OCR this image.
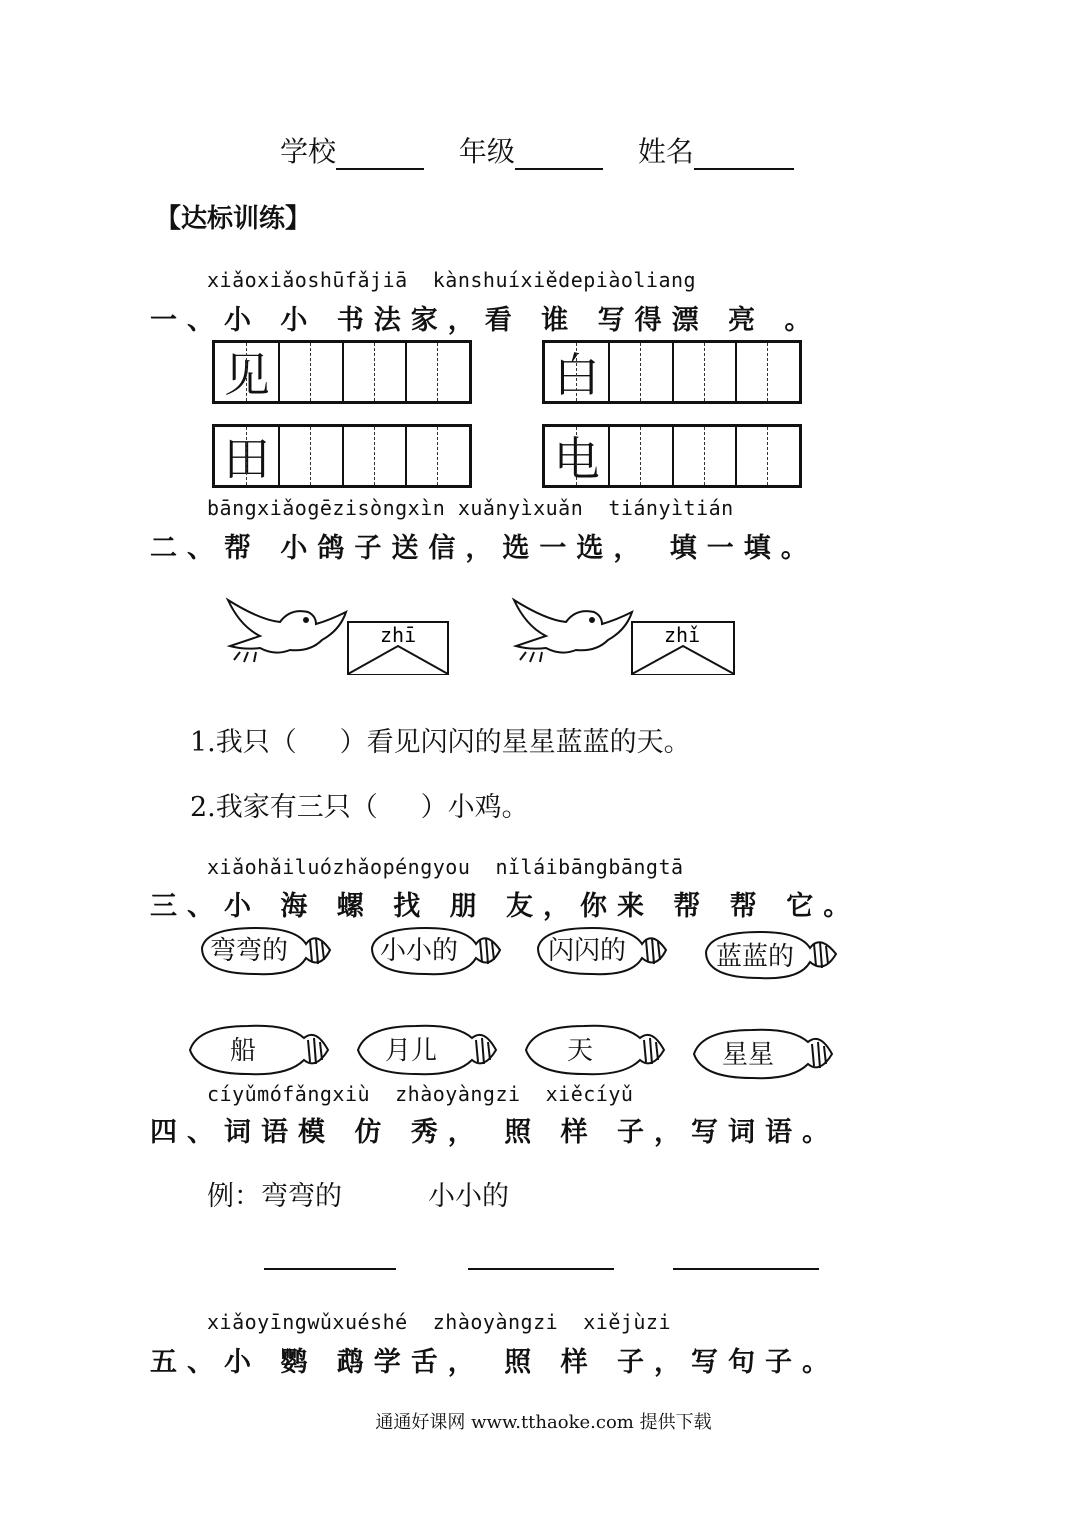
学校	年级	姓名
【达标训练】
xiǎoxiǎoshūfǎjiā  kànshuíxiědepiàoliang
一、小 小 书法家，看 谁 写得漂 亮 。
见	白
田	电
bāngxiǎogēzisòngxìn xuǎnyìxuǎn  tiányìtián
二、帮 小鸽子送信，选一选， 填一填。
zhī	zhǐ
1.我只（     ）看见闪闪的星星蓝蓝的天。
2.我家有三只（     ）小鸡。
xiǎohǎiluózhǎopéngyou  nǐláibāngbāngtā
三、小 海 螺 找 朋 友，你来 帮 帮 它。
弯弯的	小小的	闪闪的	蓝蓝的
船	月儿	天	星星
cíyǔmófǎngxiù  zhàoyàngzi  xiěcíyǔ
四、词语模 仿 秀， 照 样 子，写词语。
例：弯弯的	小小的
xiǎoyīngwǔxuéshé  zhàoyàngzi  xiějùzi
五、小 鹦 鹉学舌， 照 样 子，写句子。
通通好课网 www.tthaoke.com 提供下载
